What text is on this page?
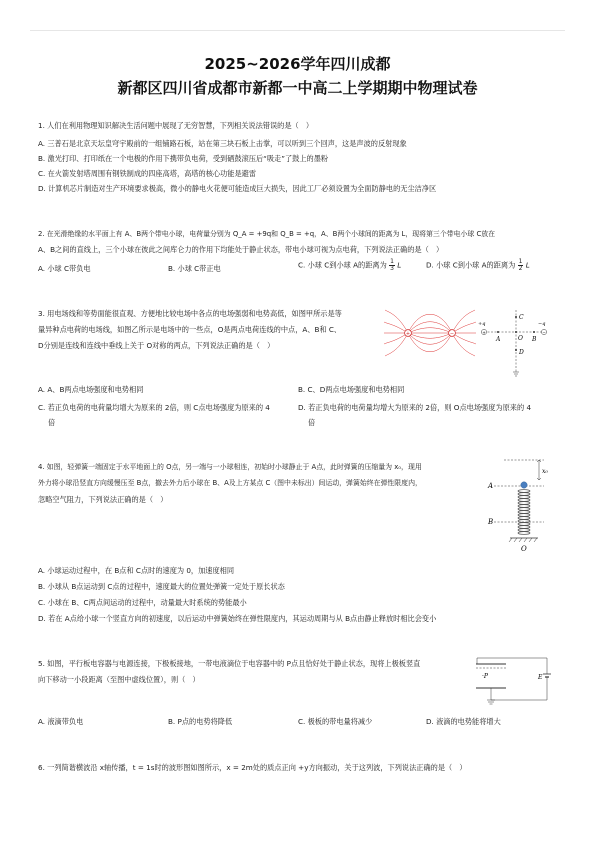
2025~2026学年四川成都
新都区四川省成都市新都一中高二上学期期中物理试卷
1. 人们在利用物理知识解决生活问题中展现了无穷智慧，下列相关说法错误的是（　）
A. 三普石是北京天坛皇穹宇殿前的一组铺路石板，站在第三块石板上击掌，可以听到三个回声，这是声波的反射现象
B. 激光打印、打印纸在一个电极的作用下携带负电荷，受到硒鼓滚压后“吸走”了鼓上的墨粉
C. 在火箭发射塔周围有钢铁制成的四座高塔，高塔的核心功能是避雷
D. 计算机芯片制造对生产环境要求极高，微小的静电火花便可能造成巨大损失，因此工厂必须设置为全面防静电的无尘洁净区
2. 在光滑绝缘的水平面上有 A、B两个带电小球，电荷量分别为 Q_A = +9q和 Q_B = +q，A、B两个小球间的距离为 L，现将第三个带电小球 C放在
A、B之间的直线上，三个小球在彼此之间库仑力的作用下均能处于静止状态，带电小球可视为点电荷，下列说法正确的是（　）
A. 小球 C带负电	B. 小球 C带正电	C. 小球 C到小球 A的距离为 $\frac{1}{3}$ L	D. 小球 C到小球 A的距离为 $\frac{1}{2}$ L
3. 用电场线和等势面能很直观、方便地比较电场中各点的电场强弱和电势高低，如图甲所示是等
量异种点电荷的电场线，如图乙所示是电场中的一些点，O是两点电荷连线的中点，A、B和 C、
D分别是连线和连线中垂线上关于 O对称的两点，下列说法正确的是（　）
+	−	+	−
+q	−q
A	B
C
D
O
A. A、B两点电场强度和电势相同	B. C、D两点电场强度和电势相同
C. 若正负电荷的电荷量均增大为原来的 2倍，则 C点电场强度为原来的 4
倍
D. 若正负电荷的电荷量均增大为原来的 2倍，则 O点电场强度为原来的 4
倍
4. 如图，轻弹簧一端固定于水平地面上的 O点，另一端与一小球相连，初始时小球静止于 A点，此时弹簧的压缩量为 x₀，现用
外力将小球沿竖直方向缓慢压至 B点，撤去外力后小球在 B、A及上方某点 C（图中未标出）间运动，弹簧始终在弹性限度内，
忽略空气阻力，下列说法正确的是（　）
x₀
A
B
O
A. 小球运动过程中，在 B点和 C点时的速度为 0，加速度相同
B. 小球从 B点运动到 C点的过程中，速度最大的位置处弹簧一定处于原长状态
C. 小球在 B、C两点间运动的过程中，动量最大时系统的势能最小
D. 若在 A点给小球一个竖直方向的初速度，以后运动中弹簧始终在弹性限度内，其运动周期与从 B点由静止释放时相比会变小
5. 如图，平行板电容器与电源连接，下极板接地，一带电液滴位于电容器中的 P点且恰好处于静止状态，现将上极板竖直
向下移动一小段距离（至图中虚线位置），则（　）	·P	E
A. 液滴带负电	B. P点的电势将降低	C. 极板的带电量将减少	D. 液滴的电势能将增大
6. 一列简谐横波沿 x轴传播，t = 1s时的波形图如图所示，x = 2m处的质点正向 +y方向振动，关于这列波，下列说法正确的是（　）
